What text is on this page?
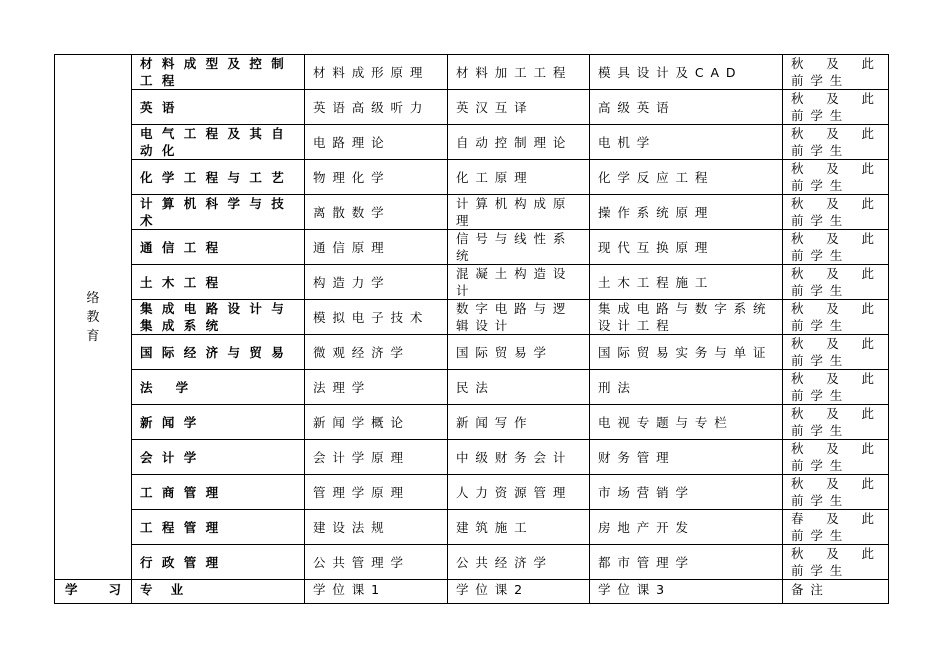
络教育	材料成型及控制工程	材料成形原理	材料加工工程	模具设计及CAD	秋 及 此
前学生

	英语	英语高级听力	英汉互译	高级英语	秋 及 此
前学生

	电气工程及其自动化	电路理论	自动控制理论	电机学	秋 及 此
前学生

	化学工程与工艺	物理化学	化工原理	化学反应工程	秋 及 此
前学生

	计算机科学与技术	离散数学	计算机构成原理	操作系统原理	秋 及 此
前学生

	通信工程	通信原理	信号与线性系统	现代互换原理	秋 及 此
前学生

	土木工程	构造力学	混凝土构造设计	土木工程施工	秋 及 此
前学生

	集成电路设计与集成系统	模拟电子技术	数字电路与逻辑设计	集成电路与数字系统设计工程	秋 及 此
前学生

	国际经济与贸易	微观经济学	国际贸易学	国际贸易实务与单证	秋 及 此
前学生

	法 学	法理学	民法	刑法	秋 及 此
前学生

	新闻学	新闻学概论	新闻写作	电视专题与专栏	秋 及 此
前学生

	会计学	会计学原理	中级财务会计	财务管理	秋 及 此
前学生

	工商管理	管理学原理	人力资源管理	市场营销学	秋 及 此
前学生

	工程管理	建设法规	建筑施工	房地产开发	春 及 此
前学生

	行政管理	公共管理学	公共经济学	都市管理学	秋 及 此
前学生

学 习	专 业	学位课1	学位课2	学位课3	备注
